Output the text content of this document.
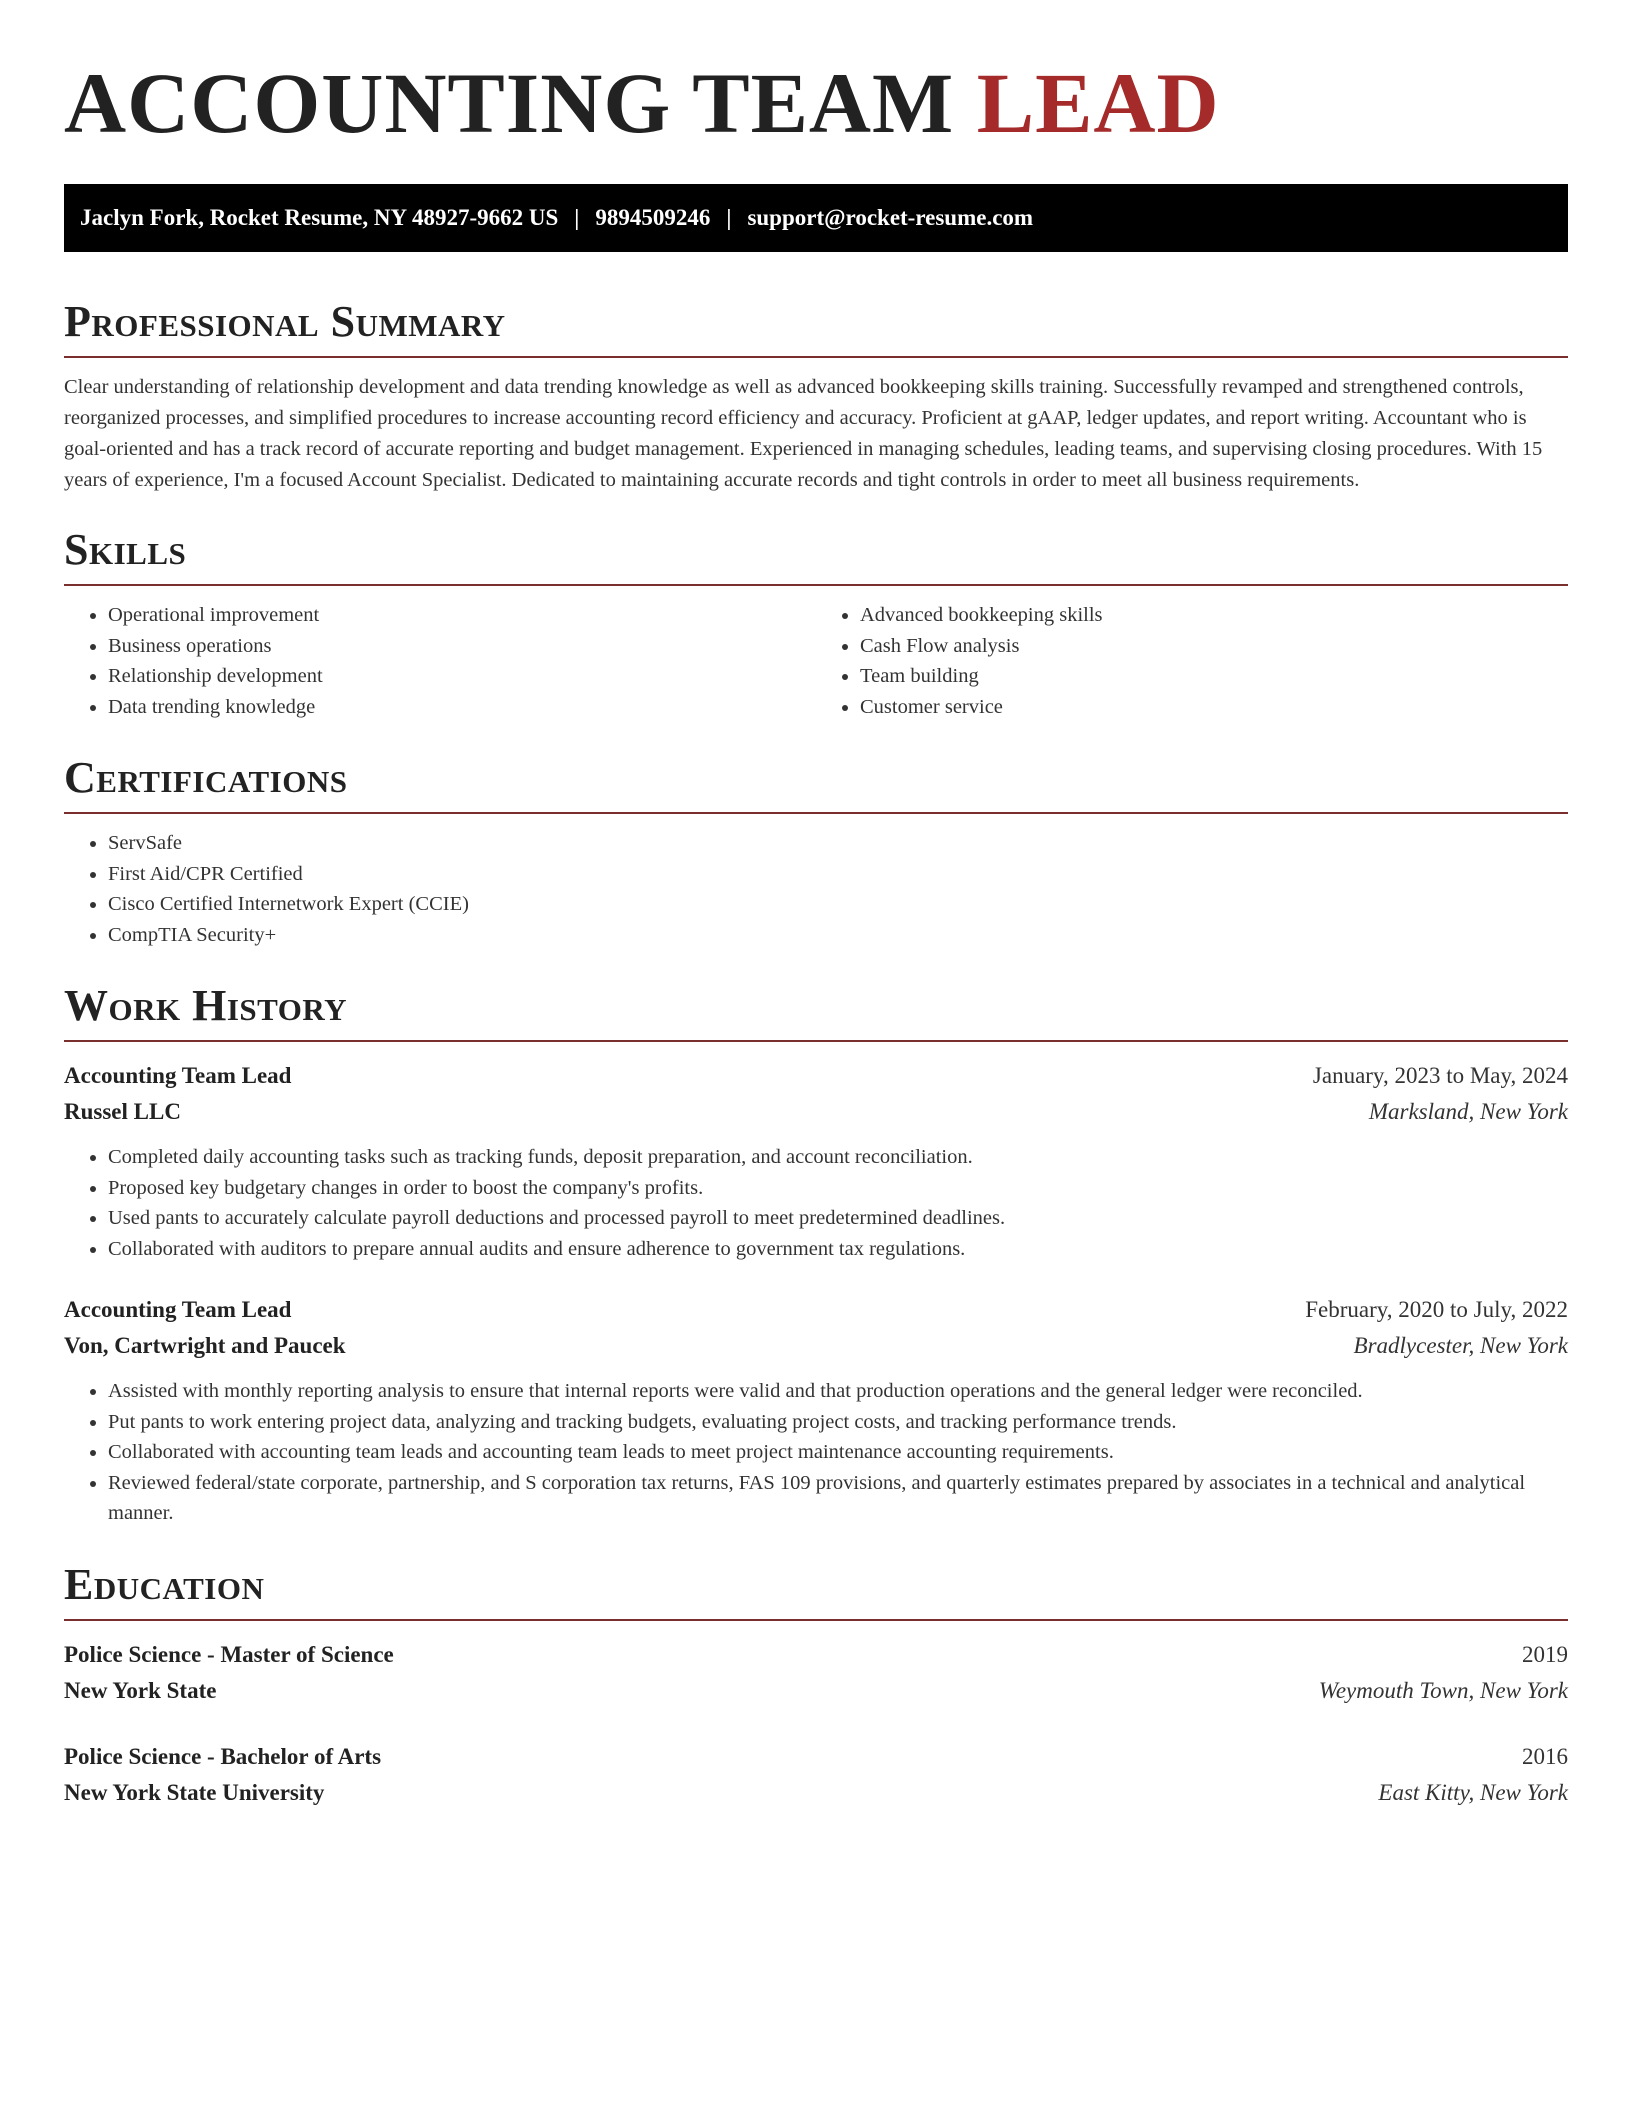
ACCOUNTING TEAM LEAD
Jaclyn Fork, Rocket Resume, NY 48927-9662 US | 9894509246 | support@rocket-resume.com
Professional Summary

Clear understanding of relationship development and data trending knowledge as well as advanced bookkeeping skills training. Successfully revamped and strengthened controls, reorganized processes, and simplified procedures to increase accounting record efficiency and accuracy. Proficient at gAAP, ledger updates, and report writing. Accountant who is goal-oriented and has a track record of accurate reporting and budget management. Experienced in managing schedules, leading teams, and supervising closing procedures. With 15 years of experience, I'm a focused Account Specialist. Dedicated to maintaining accurate records and tight controls in order to meet all business requirements.

Skills
• Operational improvement
• Business operations
• Relationship development
• Data trending knowledge
• Advanced bookkeeping skills
• Cash Flow analysis
• Team building
• Customer service
Certifications
• ServSafe
• First Aid/CPR Certified
• Cisco Certified Internetwork Expert (CCIE)
• CompTIA Security+
Work History
Accounting Team Lead	January, 2023 to May, 2024
Russel LLC	Marksland, New York
• Completed daily accounting tasks such as tracking funds, deposit preparation, and account reconciliation.
• Proposed key budgetary changes in order to boost the company's profits.
• Used pants to accurately calculate payroll deductions and processed payroll to meet predetermined deadlines.
• Collaborated with auditors to prepare annual audits and ensure adherence to government tax regulations.
Accounting Team Lead	February, 2020 to July, 2022
Von, Cartwright and Paucek	Bradlycester, New York
• Assisted with monthly reporting analysis to ensure that internal reports were valid and that production operations and the general ledger were reconciled.
• Put pants to work entering project data, analyzing and tracking budgets, evaluating project costs, and tracking performance trends.
• Collaborated with accounting team leads and accounting team leads to meet project maintenance accounting requirements.
• Reviewed federal/state corporate, partnership, and S corporation tax returns, FAS 109 provisions, and quarterly estimates prepared by associates in a technical and analytical manner.
Education
Police Science - Master of Science	2019
New York State	Weymouth Town, New York
Police Science - Bachelor of Arts	2016
New York State University	East Kitty, New York
